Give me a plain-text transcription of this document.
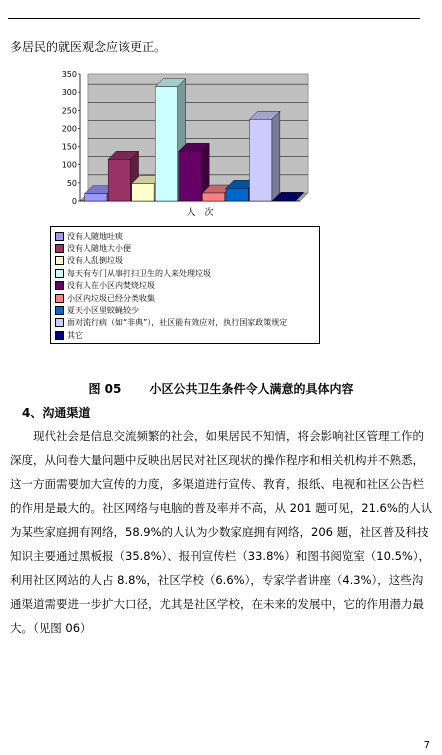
多居民的就医观念应该更正。
0
50
100
150
200
250
300
350
人　次
没有人随地吐痰
没有人随地大小便
没有人乱倒垃圾
每天有专门从事打扫卫生的人来处理垃圾
没有人在小区内焚烧垃圾
小区内垃圾已经分类收集
夏天小区里蚊蝇较少
面对流行病（如“非典”），社区能有效应对，执行国家政策规定
其它
图 05 小区公共卫生条件令人满意的具体内容
4、沟通渠道

现代社会是信息交流频繁的社会，如果居民不知情，将会影响社区管理工作的深度，从问卷大量问题中反映出居民对社区现状的操作程序和相关机构并不熟悉，这一方面需要加大宣传的力度，多渠道进行宣传、教育，报纸、电视和社区公告栏的作用是最大的。社区网络与电脑的普及率并不高，从 201 题可见，21.6%的人认为某些家庭拥有网络，58.9%的人认为少数家庭拥有网络，206 题，社区普及科技知识主要通过黑板报（35.8%）、报刊宣传栏（33.8%）和图书阅览室（10.5%），利用社区网站的人占 8.8%，社区学校（6.6%），专家学者讲座（4.3%），这些沟通渠道需要进一步扩大口径，尤其是社区学校，在未来的发展中，它的作用潜力最大。（见图 06）

7
